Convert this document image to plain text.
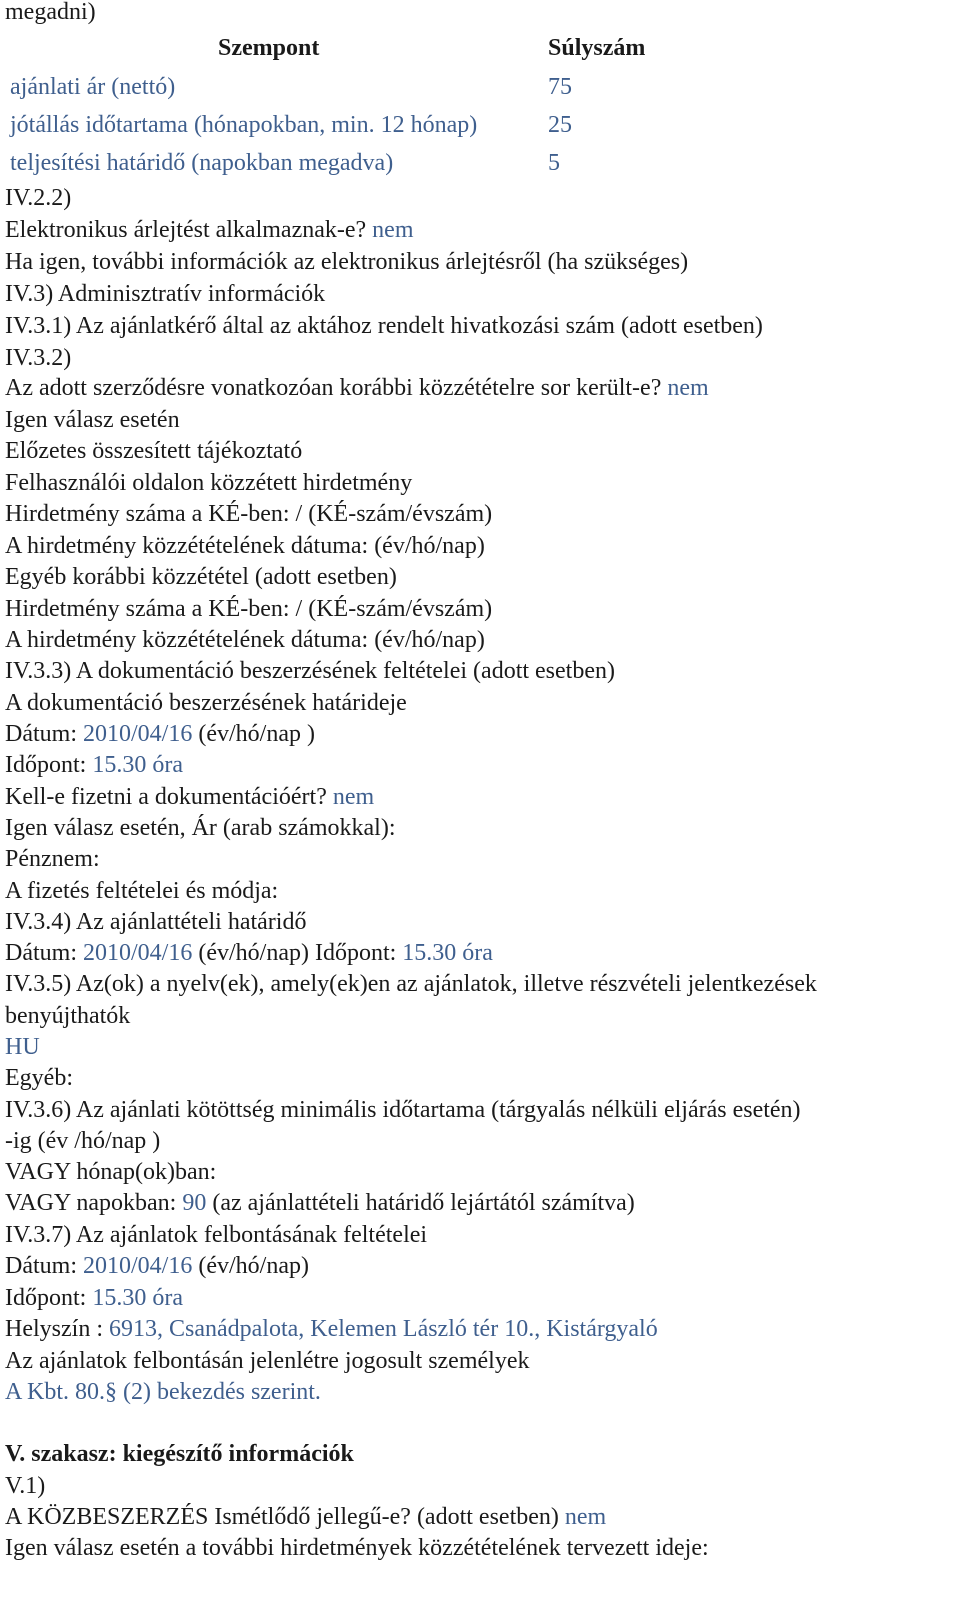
megadni)
Szempont	Súlyszám
ajánlati ár (nettó)	75
jótállás időtartama (hónapokban, min. 12 hónap)	25
teljesítési határidő (napokban megadva)	5
IV.2.2)
Elektronikus árlejtést alkalmaznak-e? nem
Ha igen, további információk az elektronikus árlejtésről (ha szükséges)
IV.3) Adminisztratív információk
IV.3.1) Az ajánlatkérő által az aktához rendelt hivatkozási szám (adott esetben)
IV.3.2)
Az adott szerződésre vonatkozóan korábbi közzétételre sor került-e? nem
Igen válasz esetén
Előzetes összesített tájékoztató
Felhasználói oldalon közzétett hirdetmény
Hirdetmény száma a KÉ-ben: / (KÉ-szám/évszám)
A hirdetmény közzétételének dátuma: (év/hó/nap)
Egyéb korábbi közzététel (adott esetben)
Hirdetmény száma a KÉ-ben: / (KÉ-szám/évszám)
A hirdetmény közzétételének dátuma: (év/hó/nap)
IV.3.3) A dokumentáció beszerzésének feltételei (adott esetben)
A dokumentáció beszerzésének határideje
Dátum: 2010/04/16 (év/hó/nap )
Időpont: 15.30 óra
Kell-e fizetni a dokumentációért? nem
Igen válasz esetén, Ár (arab számokkal):
Pénznem:
A fizetés feltételei és módja:
IV.3.4) Az ajánlattételi határidő
Dátum: 2010/04/16 (év/hó/nap) Időpont: 15.30 óra
IV.3.5) Az(ok) a nyelv(ek), amely(ek)en az ajánlatok, illetve részvételi jelentkezések
benyújthatók
HU
Egyéb:
IV.3.6) Az ajánlati kötöttség minimális időtartama (tárgyalás nélküli eljárás esetén)
-ig (év /hó/nap )
VAGY hónap(ok)ban:
VAGY napokban: 90 (az ajánlattételi határidő lejártától számítva)
IV.3.7) Az ajánlatok felbontásának feltételei
Dátum: 2010/04/16 (év/hó/nap)
Időpont: 15.30 óra
Helyszín : 6913, Csanádpalota, Kelemen László tér 10., Kistárgyaló
Az ajánlatok felbontásán jelenlétre jogosult személyek
A Kbt. 80.§ (2) bekezdés szerint.
V. szakasz: kiegészítő információk
V.1)
A KÖZBESZERZÉS Ismétlődő jellegű-e? (adott esetben) nem
Igen válasz esetén a további hirdetmények közzétételének tervezett ideje:
